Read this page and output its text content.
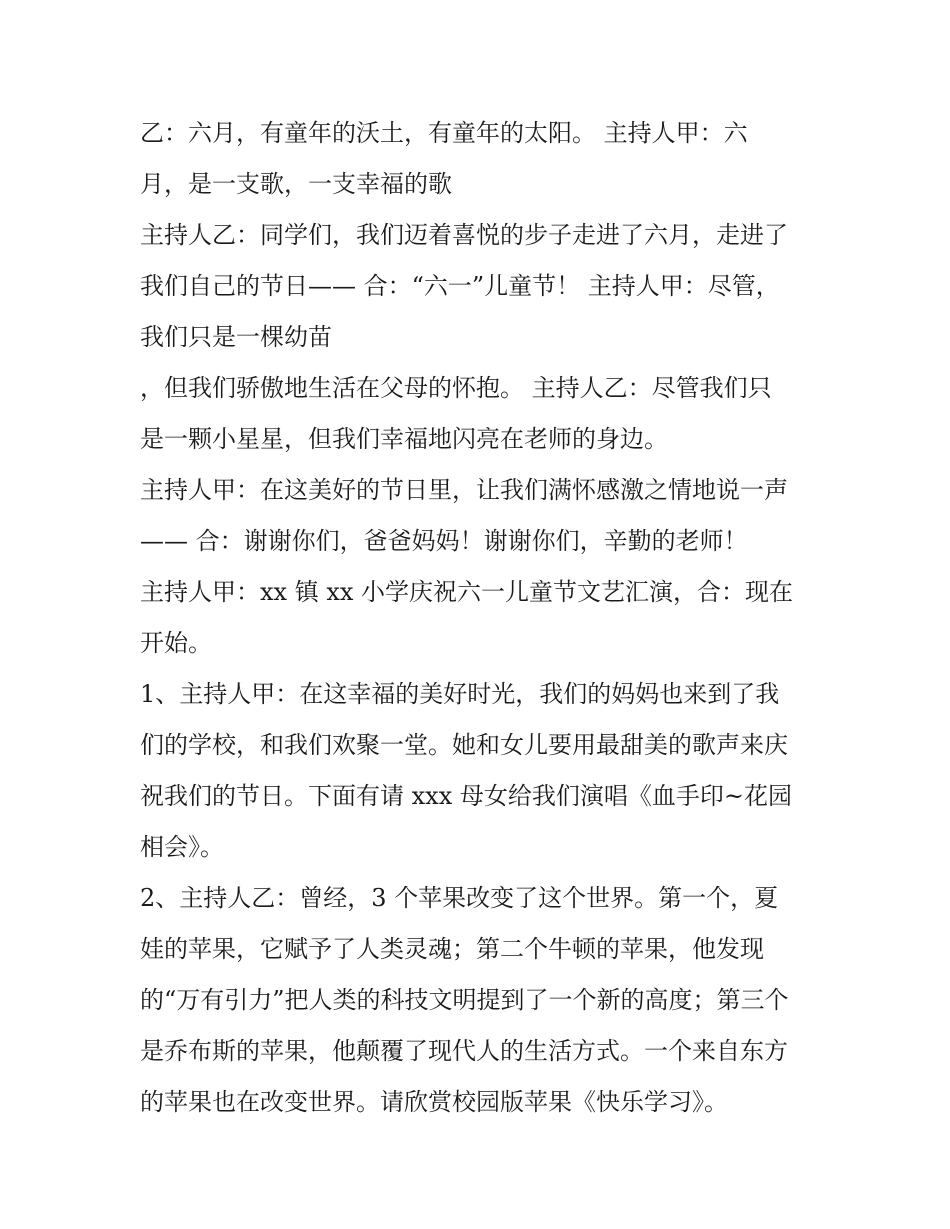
乙：六月，有童年的沃土，有童年的太阳。 主持人甲：六
月，是一支歌，一支幸福的歌
主持人乙：同学们，我们迈着喜悦的步子走进了六月，走进了
我们自己的节日—— 合：“六一”儿童节！ 主持人甲：尽管，
我们只是一棵幼苗
，但我们骄傲地生活在父母的怀抱。 主持人乙：尽管我们只
是一颗小星星，但我们幸福地闪亮在老师的身边。
主持人甲：在这美好的节日里，让我们满怀感激之情地说一声
—— 合：谢谢你们，爸爸妈妈！谢谢你们，辛勤的老师！
主持人甲：xx 镇 xx 小学庆祝六一儿童节文艺汇演，合：现在
开始。
1、主持人甲：在这幸福的美好时光，我们的妈妈也来到了我
们的学校，和我们欢聚一堂。她和女儿要用最甜美的歌声来庆
祝我们的节日。下面有请 xxx 母女给我们演唱《血手印~花园
相会》。
2、主持人乙：曾经，3 个苹果改变了这个世界。第一个，夏
娃的苹果，它赋予了人类灵魂；第二个牛顿的苹果，他发现
的“万有引力”把人类的科技文明提到了一个新的高度；第三个
是乔布斯的苹果，他颠覆了现代人的生活方式。一个来自东方
的苹果也在改变世界。请欣赏校园版苹果《快乐学习》。
